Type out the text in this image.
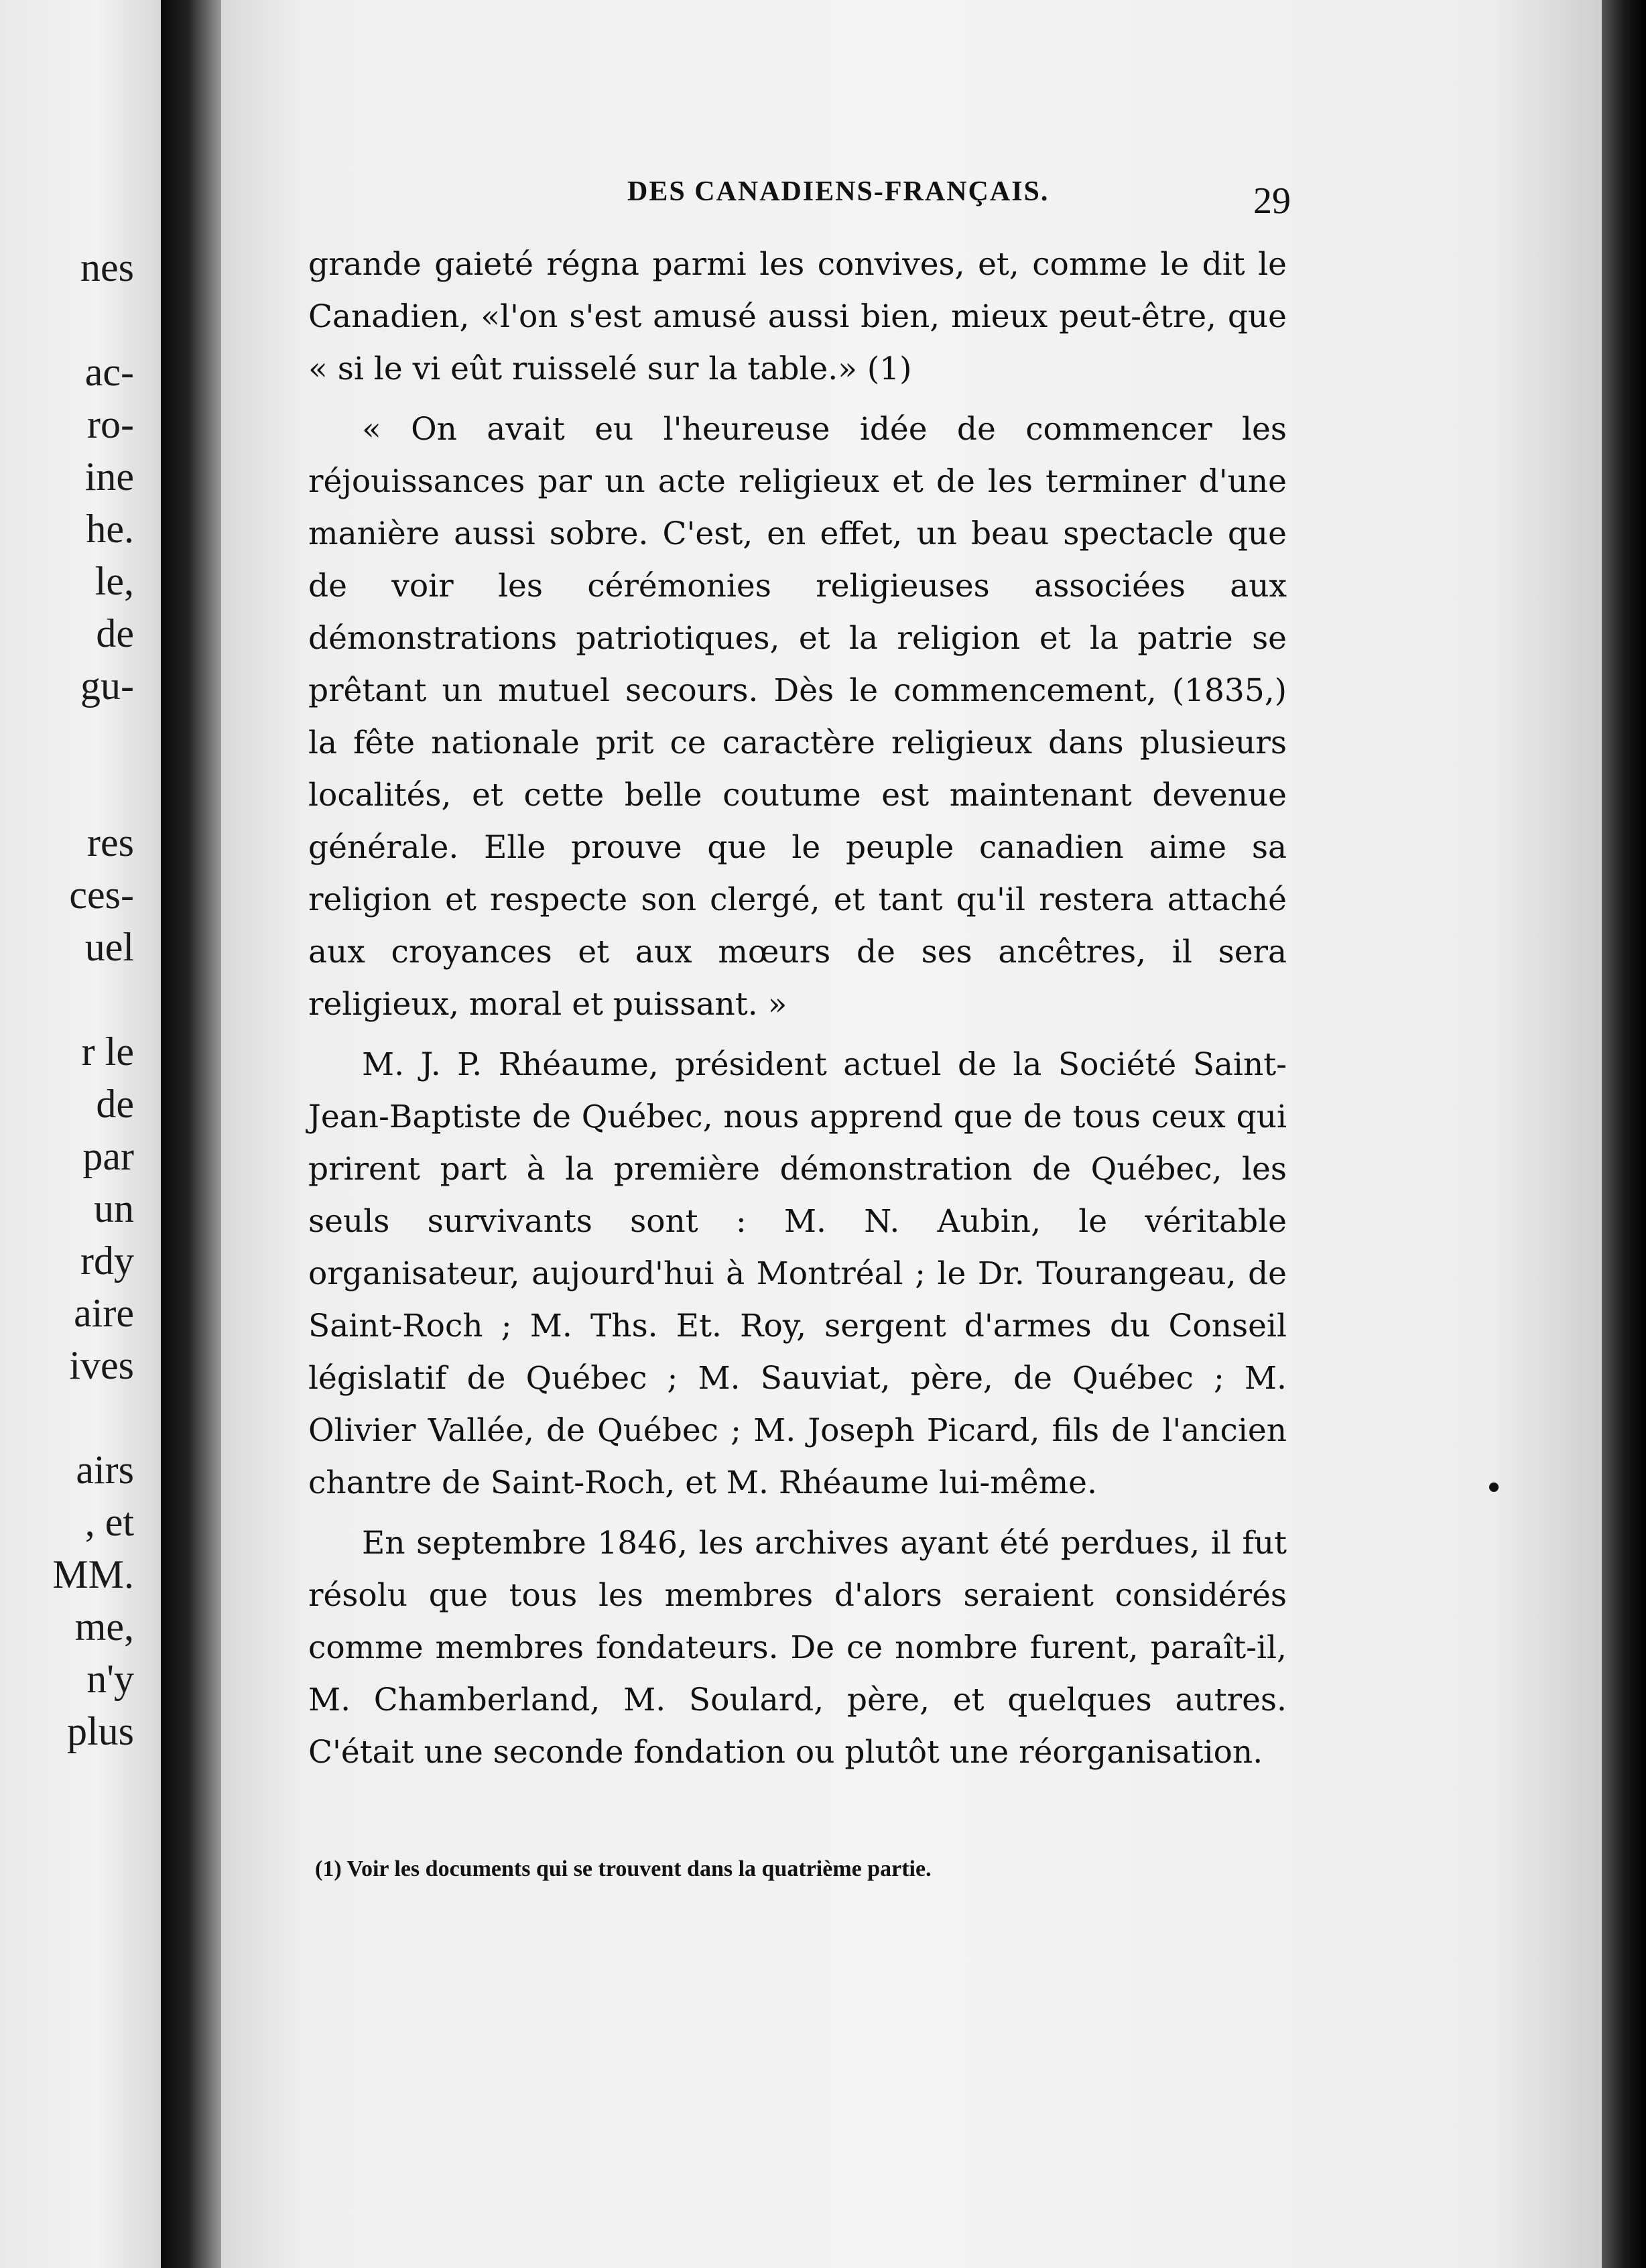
nes
ac-
ro-
ine
he.
le,
de
gu-
res
ces-
uel
r le
de
par
un
rdy
aire
ives
airs
, et
MM.
me,
n'y
plus
DES CANADIENS-FRANÇAIS.	29

grande gaieté régna parmi les convives, et, comme le dit le Canadien, «l'on s'est amusé aussi bien, mieux peut-être, que « si le vi eût ruisselé sur la table.» (1)

« On avait eu l'heureuse idée de commencer les réjouissances par un acte religieux et de les terminer d'une manière aussi sobre. C'est, en effet, un beau spectacle que de voir les cérémonies religieuses associées aux démonstrations patriotiques, et la religion et la patrie se prêtant un mutuel secours. Dès le commencement, (1835,) la fête nationale prit ce caractère religieux dans plusieurs localités, et cette belle coutume est maintenant devenue générale. Elle prouve que le peuple canadien aime sa religion et respecte son clergé, et tant qu'il restera attaché aux croyances et aux mœurs de ses ancêtres, il sera religieux, moral et puissant. »

M. J. P. Rhéaume, président actuel de la Société Saint-Jean-Baptiste de Québec, nous apprend que de tous ceux qui prirent part à la première démonstration de Québec, les seuls survivants sont : M. N. Aubin, le véritable organisateur, aujourd'hui à Montréal ; le Dr. Tourangeau, de Saint-Roch ; M. Ths. Et. Roy, sergent d'armes du Conseil législatif de Québec ; M. Sauviat, père, de Québec ; M. Olivier Vallée, de Québec ; M. Joseph Picard, fils de l'ancien chantre de Saint-Roch, et M. Rhéaume lui-même.

En septembre 1846, les archives ayant été perdues, il fut résolu que tous les membres d'alors seraient considérés comme membres fondateurs. De ce nombre furent, paraît-il, M. Chamberland, M. Soulard, père, et quelques autres. C'était une seconde fondation ou plutôt une réorganisation.

(1) Voir les documents qui se trouvent dans la quatrième partie.
